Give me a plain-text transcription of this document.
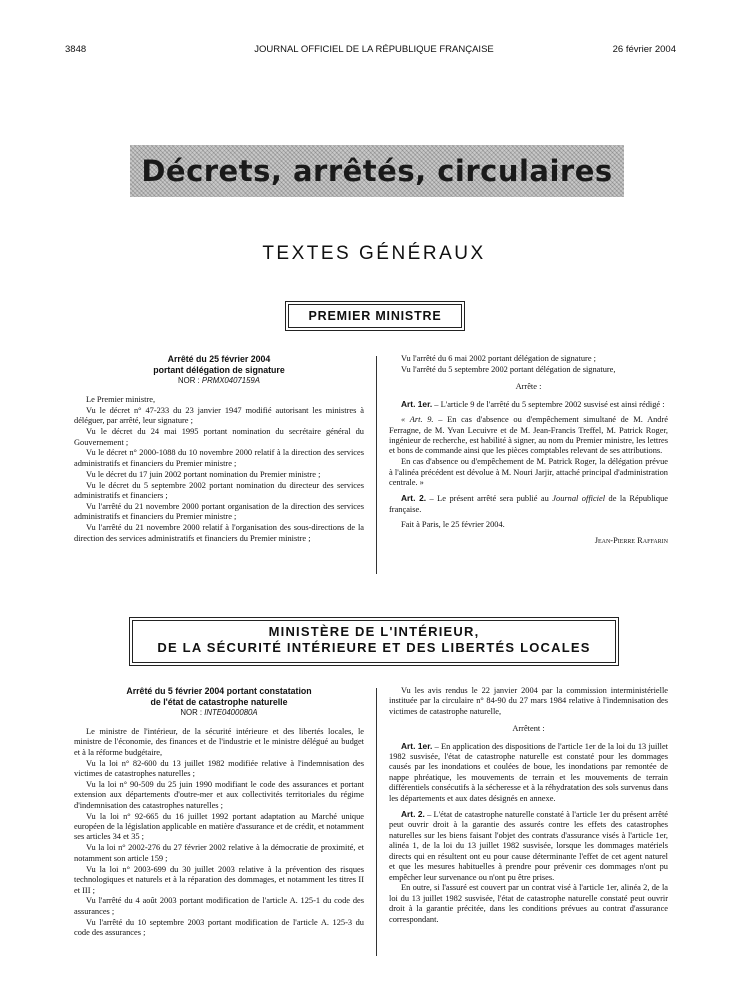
3848	JOURNAL OFFICIEL DE LA RÉPUBLIQUE FRANÇAISE	26 février 2004
Décrets, arrêtés, circulaires
TEXTES GÉNÉRAUX
PREMIER MINISTRE

Arrêté du 25 février 2004

portant délégation de signature

NOR : PRMX0407159A

Le Premier ministre,

Vu le décret n° 47-233 du 23 janvier 1947 modifié autorisant les ministres à déléguer, par arrêté, leur signature ;

Vu le décret du 24 mai 1995 portant nomination du secrétaire général du Gouvernement ;

Vu le décret n° 2000-1088 du 10 novembre 2000 relatif à la direction des services administratifs et financiers du Premier ministre ;

Vu le décret du 17 juin 2002 portant nomination du Premier ministre ;

Vu le décret du 5 septembre 2002 portant nomination du directeur des services administratifs et financiers ;

Vu l'arrêté du 21 novembre 2000 portant organisation de la direction des services administratifs et financiers du Premier ministre ;

Vu l'arrêté du 21 novembre 2000 relatif à l'organisation des sous-directions de la direction des services administratifs et financiers du Premier ministre ;

Vu l'arrêté du 6 mai 2002 portant délégation de signature ;

Vu l'arrêté du 5 septembre 2002 portant délégation de signature,

Arrête :

Art. 1er. – L'article 9 de l'arrêté du 5 septembre 2002 susvisé est ainsi rédigé :

« Art. 9. – En cas d'absence ou d'empêchement simultané de M. André Ferragne, de M. Yvan Lecuivre et de M. Jean-Francis Treffel, M. Patrick Roger, ingénieur de recherche, est habilité à signer, au nom du Premier ministre, les lettres et bons de commande ainsi que les pièces comptables relevant de ses attributions.

En cas d'absence ou d'empêchement de M. Patrick Roger, la délégation prévue à l'alinéa précédent est dévolue à M. Nouri Jarjir, attaché principal d'administration centrale. »

Art. 2. – Le présent arrêté sera publié au Journal officiel de la République française.

Fait à Paris, le 25 février 2004.

Jean-Pierre Raffarin

MINISTÈRE DE L'INTÉRIEUR,
DE LA SÉCURITÉ INTÉRIEURE ET DES LIBERTÉS LOCALES

Arrêté du 5 février 2004 portant constatation

de l'état de catastrophe naturelle

NOR : INTE0400080A

Le ministre de l'intérieur, de la sécurité intérieure et des libertés locales, le ministre de l'économie, des finances et de l'industrie et le ministre délégué au budget et à la réforme budgétaire,

Vu la loi n° 82-600 du 13 juillet 1982 modifiée relative à l'indemnisation des victimes de catastrophes naturelles ;

Vu la loi n° 90-509 du 25 juin 1990 modifiant le code des assurances et portant extension aux départements d'outre-mer et aux collectivités territoriales du régime d'indemnisation des catastrophes naturelles ;

Vu la loi n° 92-665 du 16 juillet 1992 portant adaptation au Marché unique européen de la législation applicable en matière d'assurance et de crédit, et notamment ses articles 34 et 35 ;

Vu la loi n° 2002-276 du 27 février 2002 relative à la démocratie de proximité, et notamment son article 159 ;

Vu la loi n° 2003-699 du 30 juillet 2003 relative à la prévention des risques technologiques et naturels et à la réparation des dommages, et notamment les titres II et III ;

Vu l'arrêté du 4 août 2003 portant modification de l'article A. 125-1 du code des assurances ;

Vu l'arrêté du 10 septembre 2003 portant modification de l'article A. 125-3 du code des assurances ;

Vu les avis rendus le 22 janvier 2004 par la commission interministérielle instituée par la circulaire n° 84-90 du 27 mars 1984 relative à l'indemnisation des victimes de catastrophe naturelle,

Arrêtent :

Art. 1er. – En application des dispositions de l'article 1er de la loi du 13 juillet 1982 susvisée, l'état de catastrophe naturelle est constaté pour les dommages causés par les inondations et coulées de boue, les inondations par remontée de nappe phréatique, les mouvements de terrain et les mouvements de terrain différentiels consécutifs à la sécheresse et à la réhydratation des sols survenus dans les départements et aux dates désignés en annexe.

Art. 2. – L'état de catastrophe naturelle constaté à l'article 1er du présent arrêté peut ouvrir droit à la garantie des assurés contre les effets des catastrophes naturelles sur les biens faisant l'objet des contrats d'assurance visés à l'article 1er, alinéa 1, de la loi du 13 juillet 1982 susvisée, lorsque les dommages matériels directs qui en résultent ont eu pour cause déterminante l'effet de cet agent naturel et que les mesures habituelles à prendre pour prévenir ces dommages n'ont pu empêcher leur survenance ou n'ont pu être prises.

En outre, si l'assuré est couvert par un contrat visé à l'article 1er, alinéa 2, de la loi du 13 juillet 1982 susvisée, l'état de catastrophe naturelle constaté peut ouvrir droit à la garantie précitée, dans les conditions prévues au contrat d'assurance correspondant.
